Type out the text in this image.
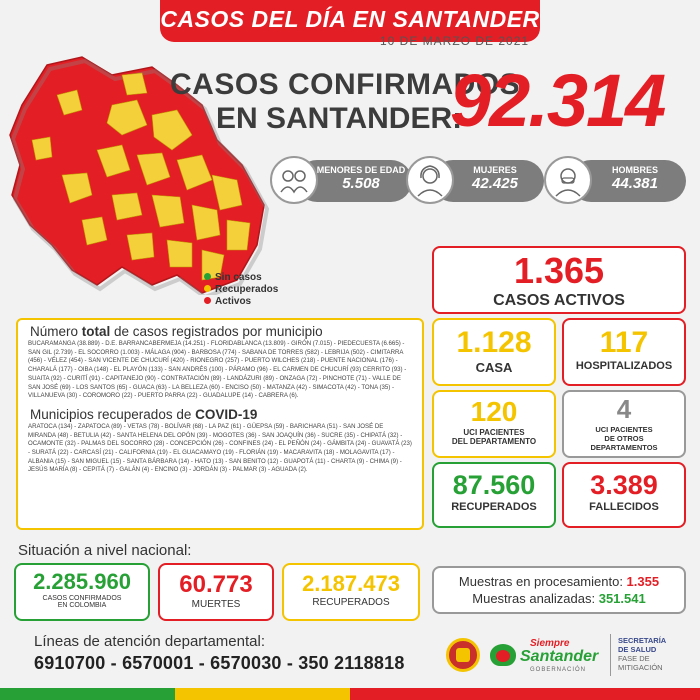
CASOS DEL DÍA EN SANTANDER
10 DE MARZO DE 2021
Sin casos
Recuperados
Activos
CASOS CONFIRMADOS
EN SANTANDER:
92.314
MENORES DE EDAD
5.508
MUJERES
42.425
HOMBRES
44.381
1.365
CASOS ACTIVOS
1.128
CASA
117
HOSPITALIZADOS
120
UCI PACIENTES
DEL DEPARTAMENTO
4
UCI PACIENTES
DE OTROS
DEPARTAMENTOS
87.560
RECUPERADOS
3.389
FALLECIDOS
Número total de casos registrados por municipio
BUCARAMANGA (38.889) - D.E. BARRANCABERMEJA (14.251) - FLORIDABLANCA (13.809) - GIRÓN (7.015) - PIEDECUESTA (6.665) - SAN GIL (2.739) - EL SOCORRO (1.003) - MÁLAGA (904) - BARBOSA (774) - SABANA DE TORRES (582) - LEBRIJA (502) - CIMITARRA (456) - VÉLEZ (454) - SAN VICENTE DE CHUCURÍ (420) - RIONEGRO (257) - PUERTO WILCHES (218) - PUENTE NACIONAL (176) - CHARALÁ (177) - OIBA (148) - EL PLAYÓN (133) - SAN ANDRÉS (100) - PÁRAMO (96) - EL CARMEN DE CHUCURÍ (93) CERRITO (93) - SUAITA (92) - CURITÍ (91) - CAPITANEJO (90) - CONTRATACIÓN (89) - LANDÁZURI (89) - ONZAGA (72) - PINCHOTE (71) - VALLE DE SAN JOSÉ (69) - LOS SANTOS (65) - GUACA (63) - LA BELLEZA (60) - ENCISO (50) - MATANZA (42) - SIMACOTA (42) - TONA (35) - VILLANUEVA (30) - COROMORO (22) - PUERTO PARRA (22) - GUADALUPE (14) - CABRERA (6).
Municipios recuperados de COVID-19
ARATOCA (134) - ZAPATOCA (89) - VETAS (78) - BOLÍVAR (68) - LA PAZ (61) - GÜEPSA (59) - BARICHARA (51) - SAN JOSÉ DE MIRANDA (48) - BETULIA (42) - SANTA HELENA DEL OPÓN (39) - MOGOTES (36) - SAN JOAQUÍN (36) - SUCRE (35) - CHIPATÁ (32) - OCAMONTE (32) - PALMAS DEL SOCORRO (28) - CONCEPCIÓN (26) - CONFINES (24) - EL PEÑÓN (24) - GÁMBITA (24) - GUAVATÁ (23) - SURATÁ (22) - CARCASÍ (21) - CALIFORNIA (19) - EL GUACAMAYO (19) - FLORIÁN (19) - MACARAVITA (18) - MOLAGAVITA (17) - ALBANIA (15) - SAN MIGUEL (15) - SANTA BÁRBARA (14) - HATO (13) - SAN BENITO (12) - GUAPOTÁ (11) - CHARTA (9) - CHIMA (9) - JESÚS MARÍA (8) - CEPITÁ (7) - GALÁN (4) - ENCINO (3) - JORDÁN (3) - PALMAR (3) - AGUADA (2).
Situación a nivel nacional:
2.285.960
CASOS CONFIRMADOS
EN COLOMBIA
60.773
MUERTES
2.187.473
RECUPERADOS
Muestras en procesamiento: 1.355
Muestras analizadas: 351.541
Líneas de atención departamental:
6910700 - 6570001 - 6570030 - 350 2118818
Siempre
Santander
GOBERNACIÓN
SECRETARÍA
DE SALUD
FASE DE
MITIGACIÓN
